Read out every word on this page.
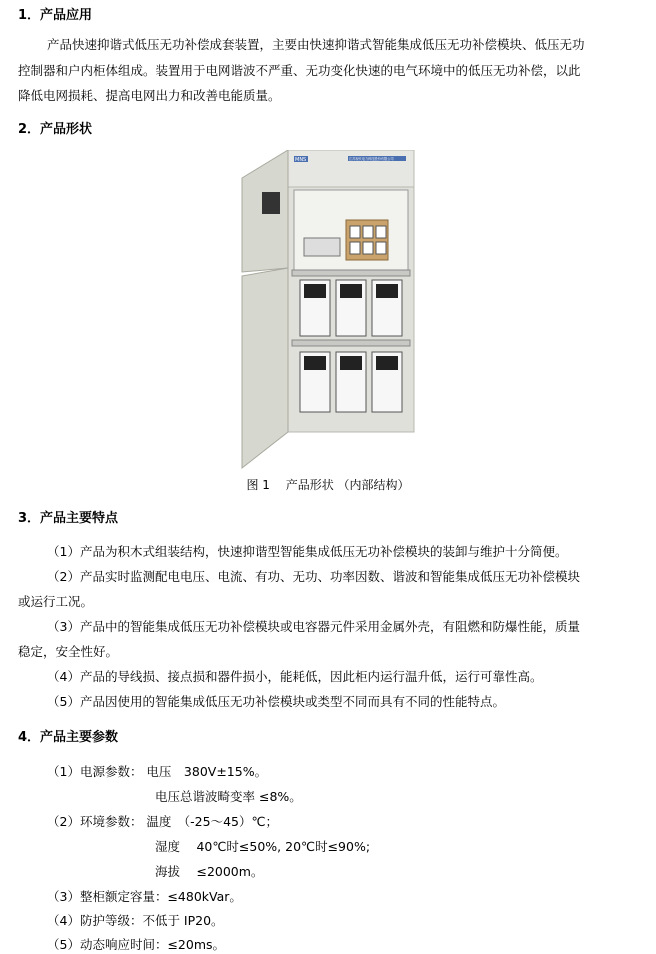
1．产品应用
产品快速抑谐式低压无功补偿成套装置，主要由快速抑谐式智能集成低压无功补偿模块、低压无功
控制器和户内柜体组成。装置用于电网谐波不严重、无功变化快速的电气环境中的低压无功补偿，以此
降低电网损耗、提高电网出力和改善电能质量。
2．产品形状
MNS	江苏现代电力科技股份有限公司
图 1　 产品形状 （内部结构）
3．产品主要特点
（1）产品为积木式组装结构，快速抑谐型智能集成低压无功补偿模块的装卸与维护十分简便。
（2）产品实时监测配电电压、电流、有功、无功、功率因数、谐波和智能集成低压无功补偿模块
或运行工况。
（3）产品中的智能集成低压无功补偿模块或电容器元件采用金属外壳，有阻燃和防爆性能，质量
稳定，安全性好。
（4）产品的导线损、接点损和器件损小，能耗低，因此柜内运行温升低，运行可靠性高。
（5）产品因使用的智能集成低压无功补偿模块或类型不同而具有不同的性能特点。
4．产品主要参数
（1）电源参数： 电压　380V±15%。
电压总谐波畸变率 ≤8%。
（2）环境参数： 温度　（-25～45）℃；
湿度　 40℃时≤50%, 20℃时≤90%;
海拔　 ≤2000m。
（3）整柜额定容量：≤480kVar。
（4）防护等级：不低于 IP20。
（5）动态响应时间：≤20ms。
